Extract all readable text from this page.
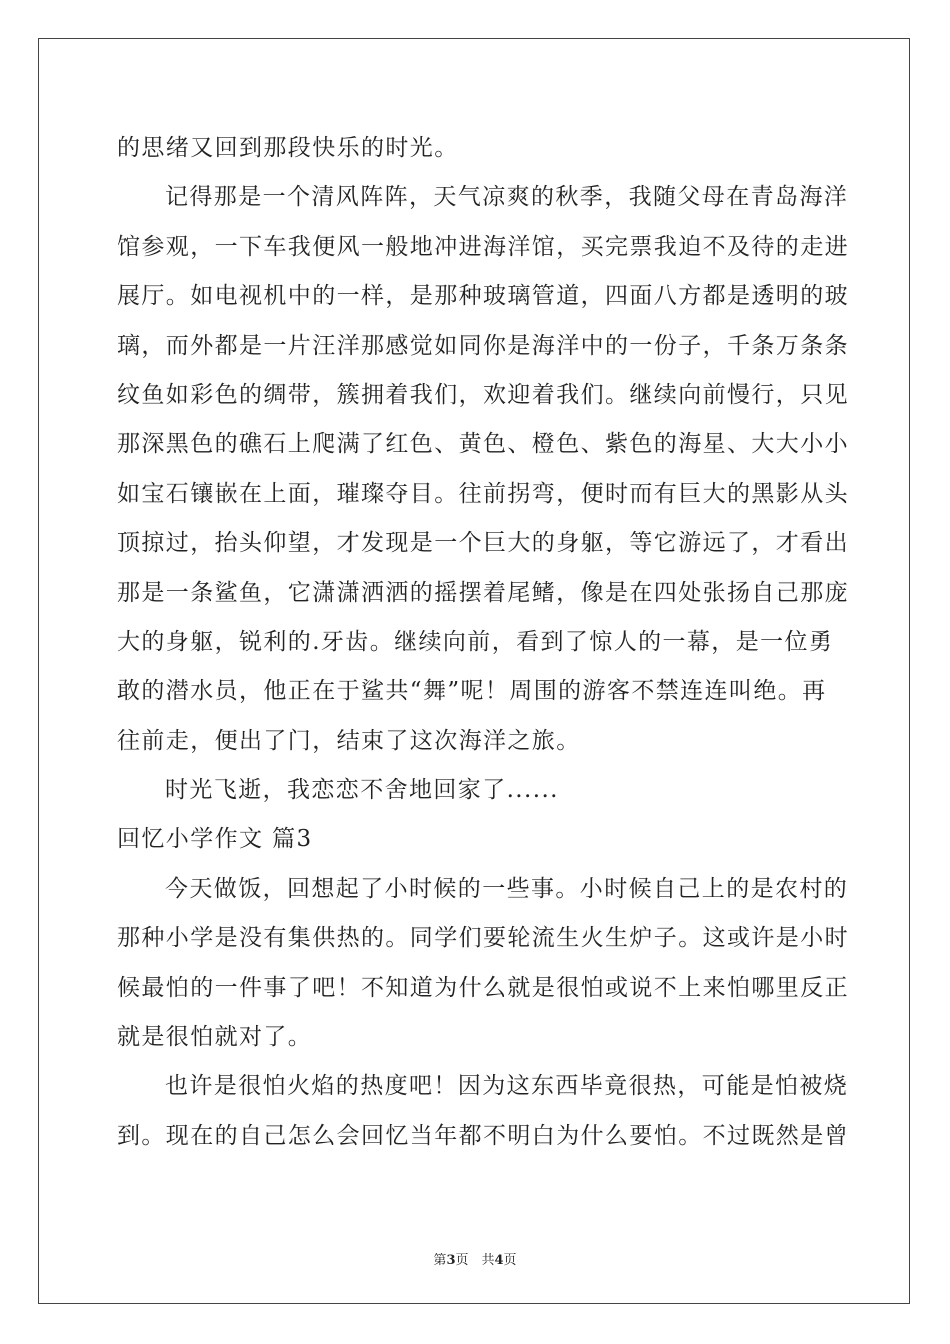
的思绪又回到那段快乐的时光。
记得那是一个清风阵阵，天气凉爽的秋季，我随父母在青岛海洋
馆参观，一下车我便风一般地冲进海洋馆，买完票我迫不及待的走进
展厅。如电视机中的一样，是那种玻璃管道，四面八方都是透明的玻
璃，而外都是一片汪洋那感觉如同你是海洋中的一份子，千条万条条
纹鱼如彩色的绸带，簇拥着我们，欢迎着我们。继续向前慢行，只见
那深黑色的礁石上爬满了红色、黄色、橙色、紫色的海星、大大小小
如宝石镶嵌在上面，璀璨夺目。往前拐弯，便时而有巨大的黑影从头
顶掠过，抬头仰望，才发现是一个巨大的身躯，等它游远了，才看出
那是一条鲨鱼，它潇潇洒洒的摇摆着尾鳍，像是在四处张扬自己那庞
大的身躯，锐利的.牙齿。继续向前，看到了惊人的一幕，是一位勇
敢的潜水员，他正在于鲨共“舞”呢！周围的游客不禁连连叫绝。再
往前走，便出了门，结束了这次海洋之旅。
时光飞逝，我恋恋不舍地回家了......
回忆小学作文 篇3
今天做饭，回想起了小时候的一些事。小时候自己上的是农村的
那种小学是没有集供热的。同学们要轮流生火生炉子。这或许是小时
候最怕的一件事了吧！不知道为什么就是很怕或说不上来怕哪里反正
就是很怕就对了。
也许是很怕火焰的热度吧！因为这东西毕竟很热，可能是怕被烧
到。现在的自己怎么会回忆当年都不明白为什么要怕。不过既然是曾
第3页　共4页
